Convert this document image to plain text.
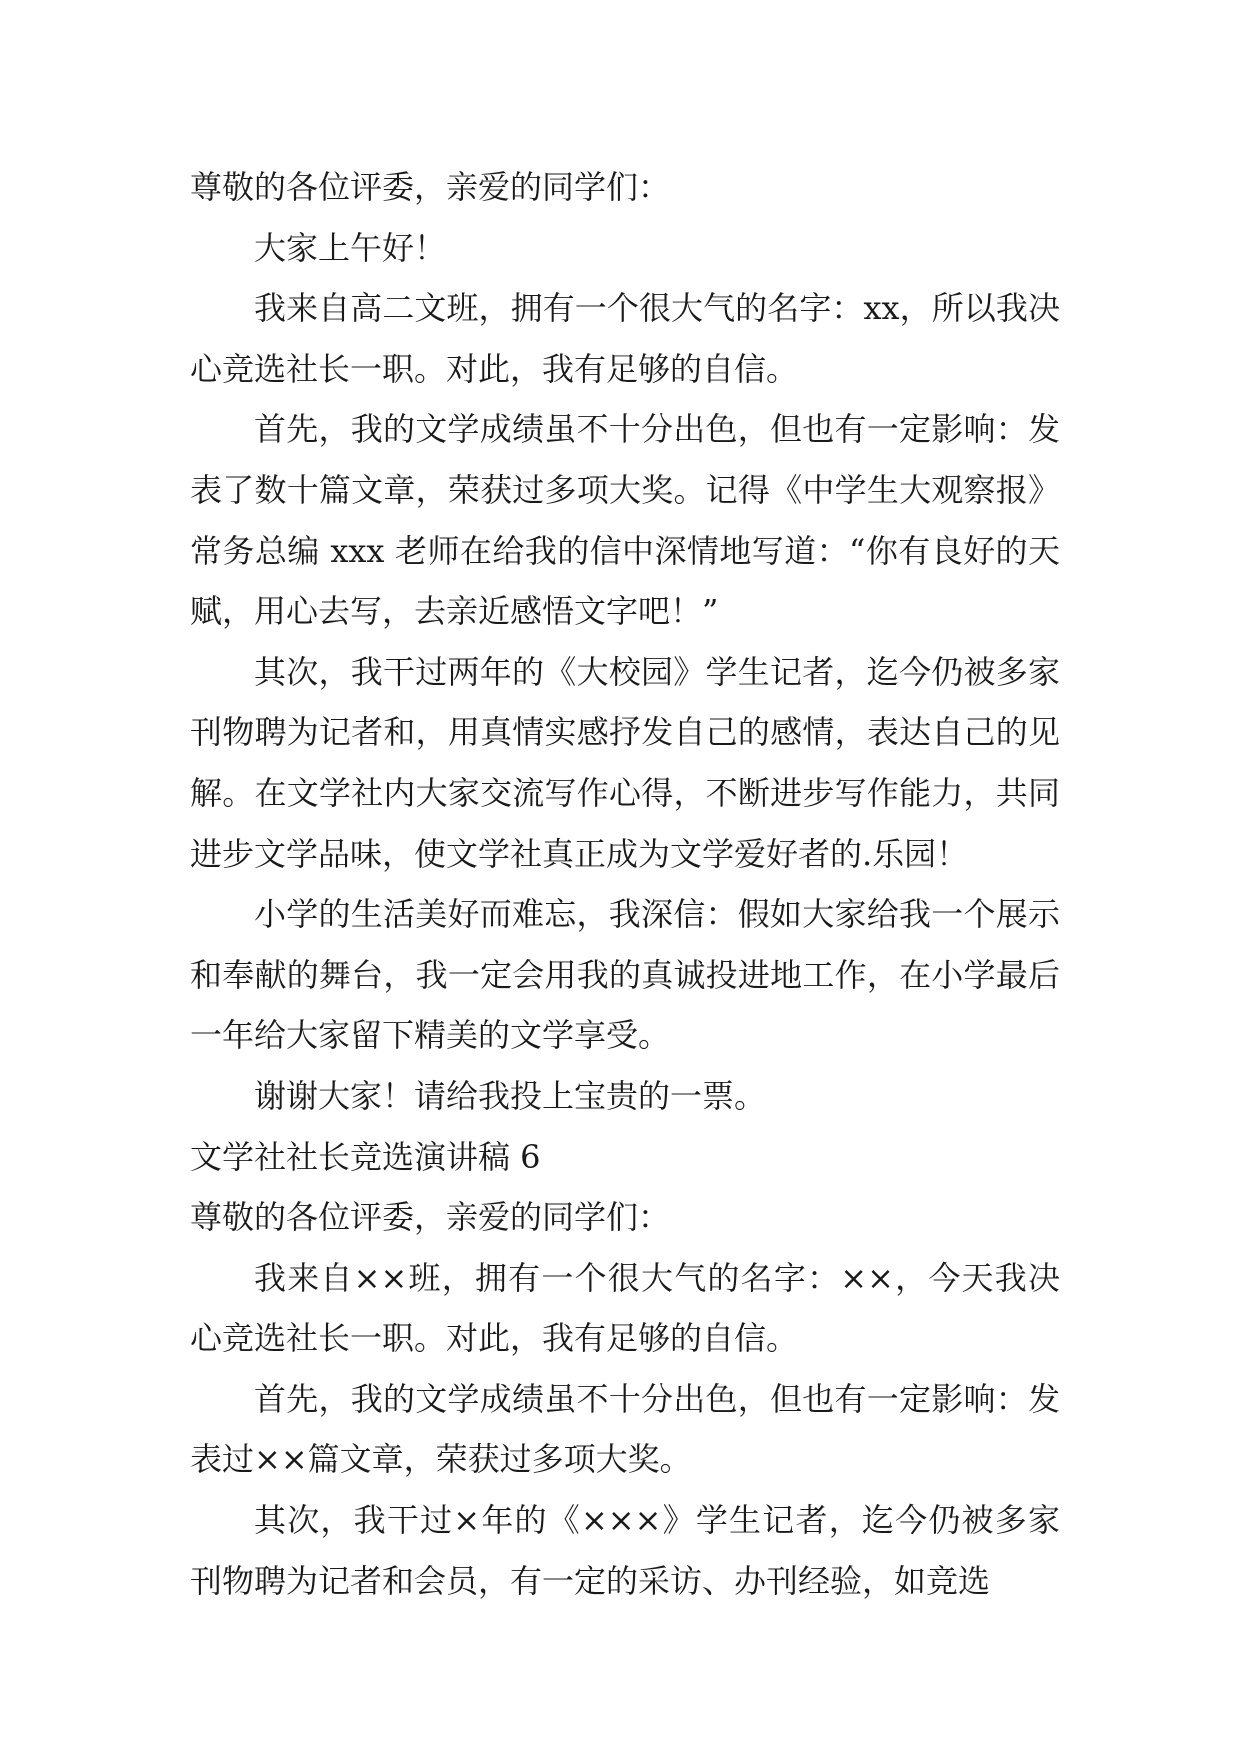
尊敬的各位评委，亲爱的同学们：

大家上午好！

我来自高二文班，拥有一个很大气的名字：xx，所以我决心竞选社长一职。对此，我有足够的自信。

首先，我的文学成绩虽不十分出色，但也有一定影响：发表了数十篇文章，荣获过多项大奖。记得《中学生大观察报》常务总编 xxx 老师在给我的信中深情地写道：“你有良好的天赋，用心去写，去亲近感悟文字吧！”

其次，我干过两年的《大校园》学生记者，迄今仍被多家刊物聘为记者和，用真情实感抒发自己的感情，表达自己的见解。在文学社内大家交流写作心得，不断进步写作能力，共同进步文学品味，使文学社真正成为文学爱好者的.乐园！

小学的生活美好而难忘，我深信：假如大家给我一个展示和奉献的舞台，我一定会用我的真诚投进地工作，在小学最后一年给大家留下精美的文学享受。

谢谢大家！请给我投上宝贵的一票。

文学社社长竞选演讲稿 6

尊敬的各位评委，亲爱的同学们：

我来自××班，拥有一个很大气的名字：××，今天我决心竞选社长一职。对此，我有足够的自信。

首先，我的文学成绩虽不十分出色，但也有一定影响：发表过××篇文章，荣获过多项大奖。

其次，我干过×年的《×××》学生记者，迄今仍被多家刊物聘为记者和会员，有一定的采访、办刊经验，如竞选
